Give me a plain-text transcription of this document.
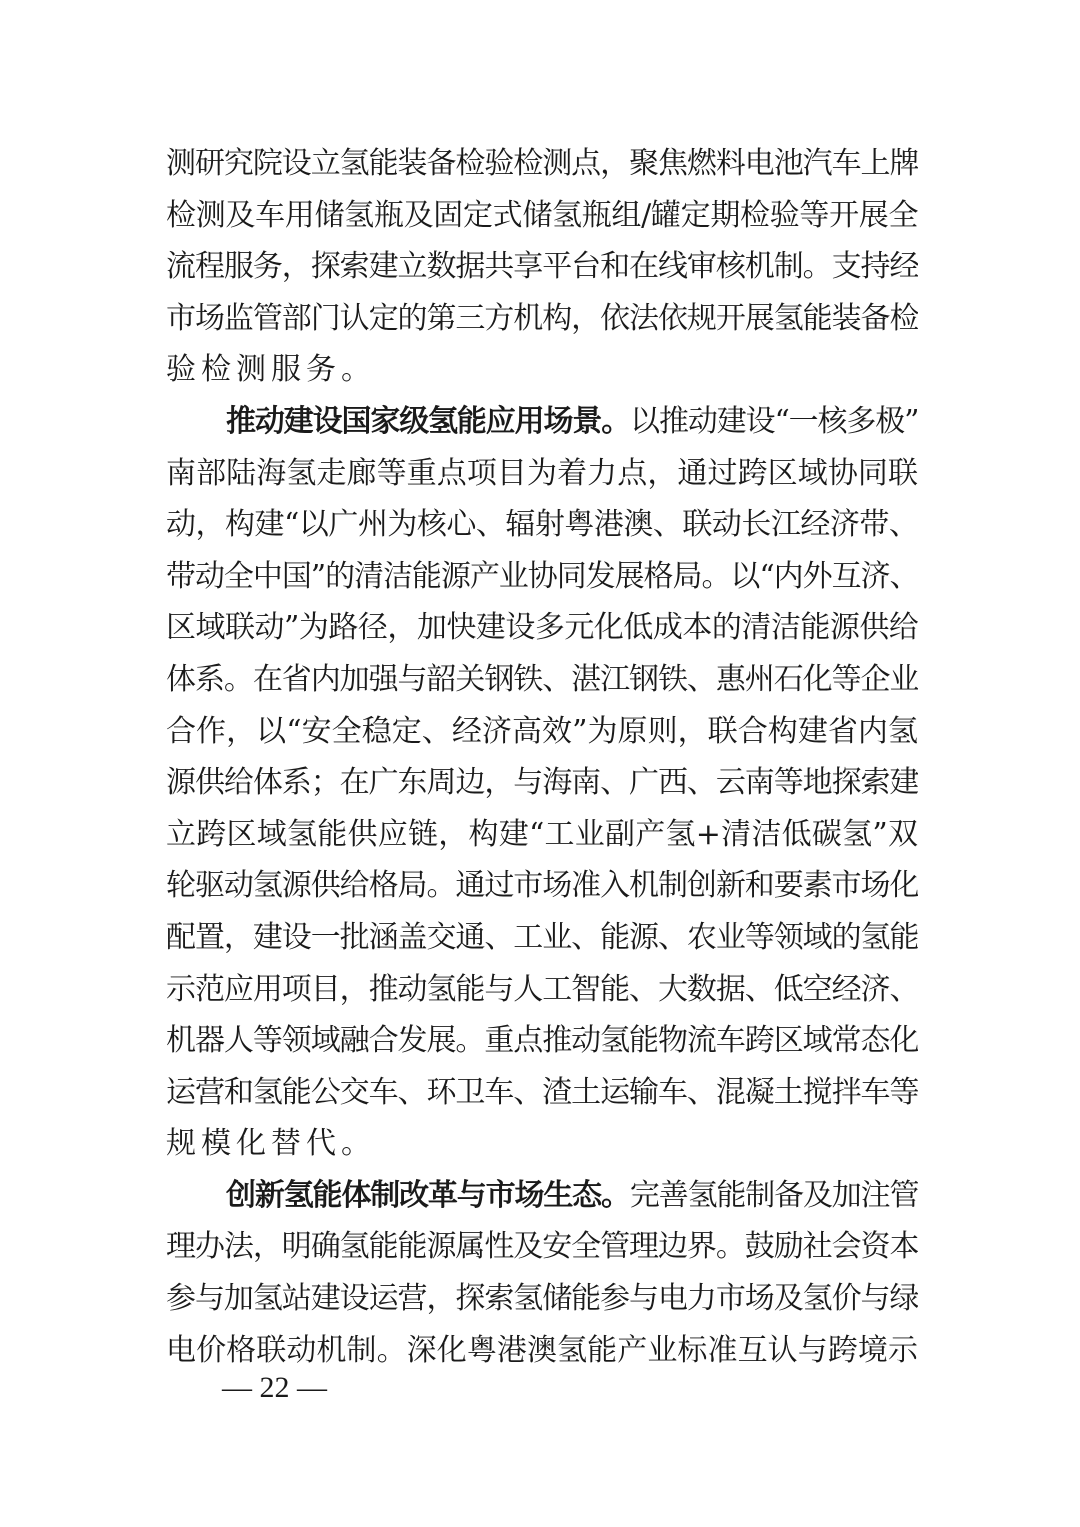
测研究院设立氢能装备检验检测点，聚焦燃料电池汽车上牌
检测及车用储氢瓶及固定式储氢瓶组/罐定期检验等开展全
流程服务，探索建立数据共享平台和在线审核机制。支持经
市场监管部门认定的第三方机构，依法依规开展氢能装备检
验检测服务。
推动建设国家级氢能应用场景。以推动建设“一核多极”
南部陆海氢走廊等重点项目为着力点，通过跨区域协同联
动，构建“以广州为核心、辐射粤港澳、联动长江经济带、
带动全中国”的清洁能源产业协同发展格局。以“内外互济、
区域联动”为路径，加快建设多元化低成本的清洁能源供给
体系。在省内加强与韶关钢铁、湛江钢铁、惠州石化等企业
合作，以“安全稳定、经济高效”为原则，联合构建省内氢
源供给体系；在广东周边，与海南、广西、云南等地探索建
立跨区域氢能供应链，构建“工业副产氢+清洁低碳氢”双
轮驱动氢源供给格局。通过市场准入机制创新和要素市场化
配置，建设一批涵盖交通、工业、能源、农业等领域的氢能
示范应用项目，推动氢能与人工智能、大数据、低空经济、
机器人等领域融合发展。重点推动氢能物流车跨区域常态化
运营和氢能公交车、环卫车、渣土运输车、混凝土搅拌车等
规模化替代。
创新氢能体制改革与市场生态。完善氢能制备及加注管
理办法，明确氢能能源属性及安全管理边界。鼓励社会资本
参与加氢站建设运营，探索氢储能参与电力市场及氢价与绿
电价格联动机制。深化粤港澳氢能产业标准互认与跨境示
— 22 —
